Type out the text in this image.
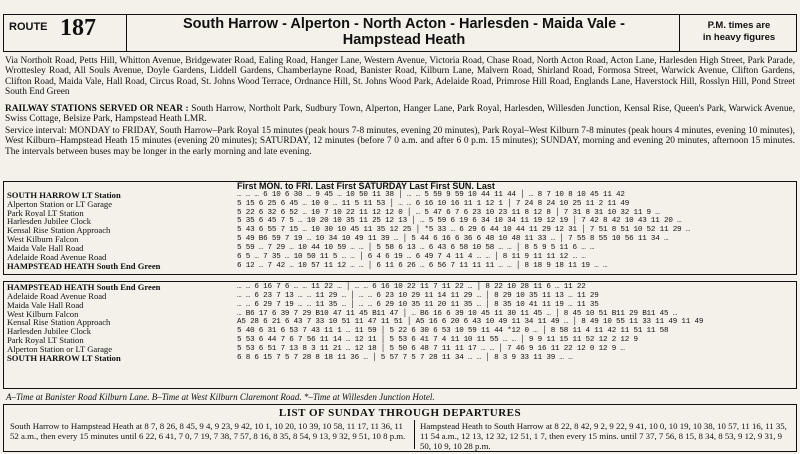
ROUTE 187	South Harrow - Alperton - North Acton - Harlesden - Maida Vale -
Hampstead Heath
P.M. times are
in heavy figures
Via Northolt Road, Petts Hill, Whitton Avenue, Bridgewater Road, Ealing Road, Hanger Lane, Western Avenue, Victoria Road, Chase Road, North Acton Road, Acton Lane, Harlesden High Street, Park Parade, Wrottesley Road, All Souls Avenue, Doyle Gardens, Liddell Gardens, Chamberlayne Road, Banister Road, Kilburn Lane, Malvern Road, Shirland Road, Formosa Street, Warwick Avenue, Clifton Gardens, Clifton Road, Maida Vale, Hall Road, Circus Road, St. Johns Wood Terrace, Ordnance Hill, St. Johns Wood Park, Adelaide Road, Primrose Hill Road, Englands Lane, Haverstock Hill, Rosslyn Hill, Pond Street South End Green
RAILWAY STATIONS SERVED OR NEAR : South Harrow, Northolt Park, Sudbury Town, Alperton, Hanger Lane, Park Royal, Harlesden, Willesden Junction, Kensal Rise, Queen's Park, Warwick Avenue, Swiss Cottage, Belsize Park, Hampstead Heath LMR.
Service interval: MONDAY to FRIDAY, South Harrow–Park Royal 15 minutes (peak hours 7-8 minutes, evening 20 minutes), Park Royal–West Kilburn 7-8 minutes (peak hours 4 minutes, evening 10 minutes), West Kilburn–Hampstead Heath 15 minutes (evening 20 minutes); SATURDAY, 12 minutes (before 7 0 a.m. and after 6 0 p.m. 15 minutes); SUNDAY, morning and evening 20 minutes, afternoon 15 minutes. The intervals between buses may be longer in the early morning and late evening.
First MON. to FRI. Last First SATURDAY Last First SUN. Last
SOUTH HARROW LT Station	… … … 6 10 6 30 … 9 45 … 10 50 11 38 │ … … 5 59 9 59 10 44 11 44 │ … 8 7 10 8 10 45 11 42
Alperton Station or LT Garage	5 15 6 25 6 45 … 10 0 … 11 5 11 53 │ … … 6 16 10 16 11 1 12 1 │ 7 24 8 24 10 25 11 2 11 49
Park Royal LT Station	5 22 6 32 6 52 … 10 7 10 22 11 12 12 0 │ … 5 47 6 7 6 23 10 23 11 8 12 8 │ 7 31 8 31 10 32 11 9 …
Harlesden Jubilee Clock	5 35 6 45 7 5 … 10 20 10 35 11 25 12 13 │ … 5 59 6 19 6 34 10 34 11 19 12 19 │ 7 42 8 42 10 43 11 20 …
Kensal Rise Station Approach	5 43 6 55 7 15 … 10 30 10 45 11 35 12 25 │ *5 33 … 6 29 6 44 10 44 11 29 12 31 │ 7 51 8 51 10 52 11 29 …
West Kilburn Falcon	5 49 B6 59 7 19 … 10 34 10 49 11 39 … │ 5 44 6 16 6 36 6 48 10 48 11 33 … │ 7 55 8 55 10 56 11 34 …
Maida Vale Hall Road	5 59 … 7 29 … 10 44 10 59 … … │ 5 58 6 13 … 6 43 6 58 10 58 … … │ 8 5 9 5 11 6 … …
Adelaide Road Avenue Road	6 5 … 7 35 … 10 50 11 5 … … │ 6 4 6 19 … 6 49 7 4 11 4 … … │ 8 11 9 11 11 12 … …
HAMPSTEAD HEATH South End Green	6 12 … 7 42 … 10 57 11 12 … … │ 6 11 6 26 … 6 56 7 11 11 11 … … │ 8 18 9 18 11 19 … …
HAMPSTEAD HEATH South End Green	… … 6 16 7 6 … … 11 22 … │ … … 6 16 10 22 11 7 11 22 … │ 8 22 10 28 11 6 … 11 22
Adelaide Road Avenue Road	… … 6 23 7 13 … … 11 29 … │ … … 6 23 10 29 11 14 11 29 … │ 8 29 10 35 11 13 … 11 29
Maida Vale Hall Road	… … 6 29 7 19 … … 11 35 … │ … … 6 29 10 35 11 20 11 35 … │ 8 35 10 41 11 19 … 11 35
West Kilburn Falcon	… B6 17 6 39 7 29 B10 47 11 45 B11 47 │ … B6 16 6 39 10 45 11 30 11 45 … │ 8 45 10 51 B11 29 B11 45 …
Kensal Rise Station Approach	A5 28 6 21 6 43 7 33 10 51 11 47 11 51 │ A5 16 6 20 6 43 10 49 11 34 11 49 … │ 8 49 10 55 11 33 11 49 11 49
Harlesden Jubilee Clock	5 40 6 31 6 53 7 43 11 1 … 11 59 │ 5 22 6 30 6 53 10 59 11 44 *12 0 … │ 8 58 11 4 11 42 11 51 11 58
Park Royal LT Station	5 53 6 44 7 6 7 56 11 14 … 12 11 │ 5 53 6 41 7 4 11 10 11 55 … … │ 9 9 11 15 11 52 12 2 12 9
Alperton Station or LT Garage	5 53 6 51 7 13 8 3 11 21 … 12 18 │ 5 50 6 48 7 11 11 17 … … │ 7 46 9 16 11 22 12 0 12 9 …
SOUTH HARROW LT Station	6 8 6 15 7 5 7 28 8 18 11 36 … │ 5 57 7 5 7 28 11 34 … … │ 8 3 9 33 11 39 … …
A–Time at Banister Road Kilburn Lane. B–Time at West Kilburn Claremont Road. *–Time at Willesden Junction Hotel.
LIST OF SUNDAY THROUGH DEPARTURES
South Harrow to Hampstead Heath at 8 7, 8 26, 8 45, 9 4, 9 23, 9 42, 10 1, 10 20, 10 39, 10 58, 11 17, 11 36, 11 52 a.m., then every 15 minutes until 6 22, 6 41, 7 0, 7 19, 7 38, 7 57, 8 16, 8 35, 8 54, 9 13, 9 32, 9 51, 10 8 p.m.
Hampstead Heath to South Harrow at 8 22, 8 42, 9 2, 9 22, 9 41, 10 0, 10 19, 10 38, 10 57, 11 16, 11 35, 11 54 a.m., 12 13, 12 32, 12 51, 1 7, then every 15 mins. until 7 37, 7 56, 8 15, 8 34, 8 53, 9 12, 9 31, 9 50, 10 9, 10 28 p.m.
